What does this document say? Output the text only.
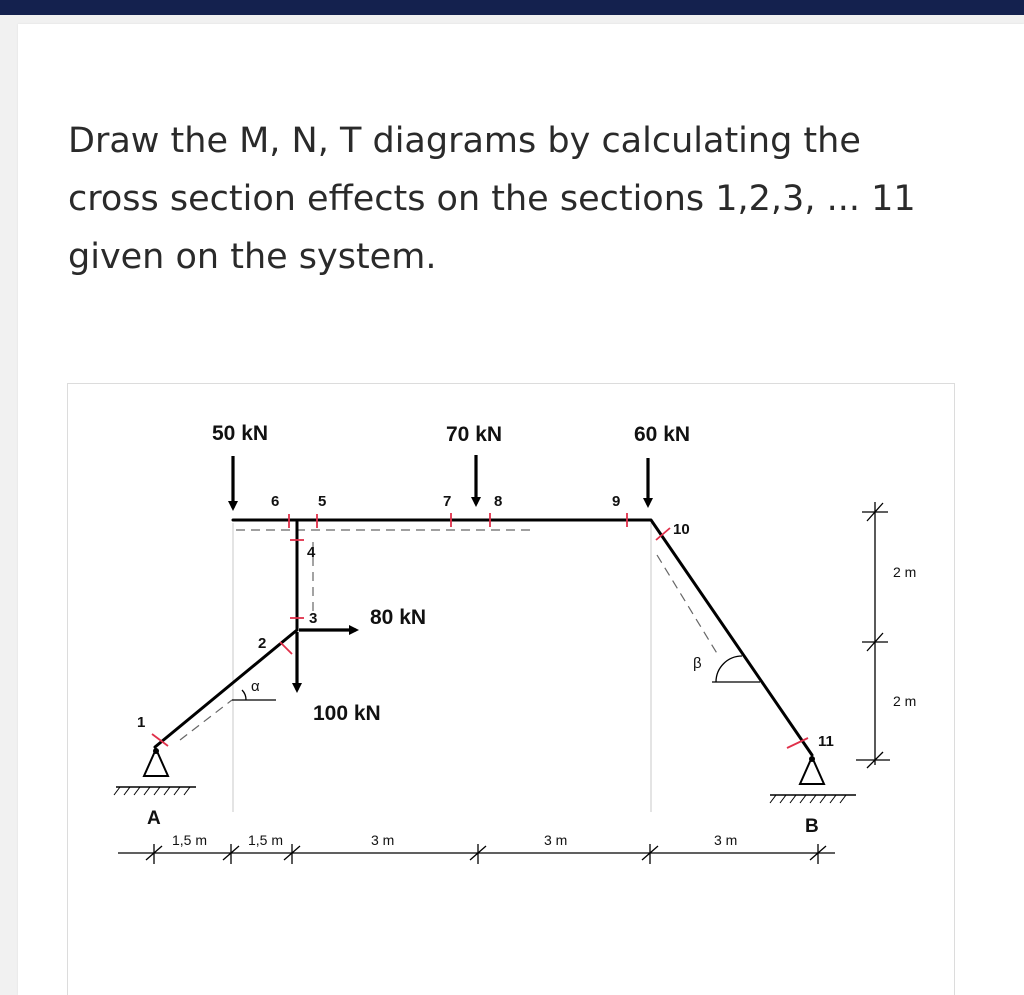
Draw the M, N, T diagrams by calculating the
cross section effects on the sections 1,2,3, ... 11
given on the system.

50 kN	70 kN	60 kN
80 kN
100 kN
1
2
3
4
5
6	7	8	9
10
11
A	B
α
β
1,5 m	1,5 m	3 m	3 m	3 m
2 m
2 m
